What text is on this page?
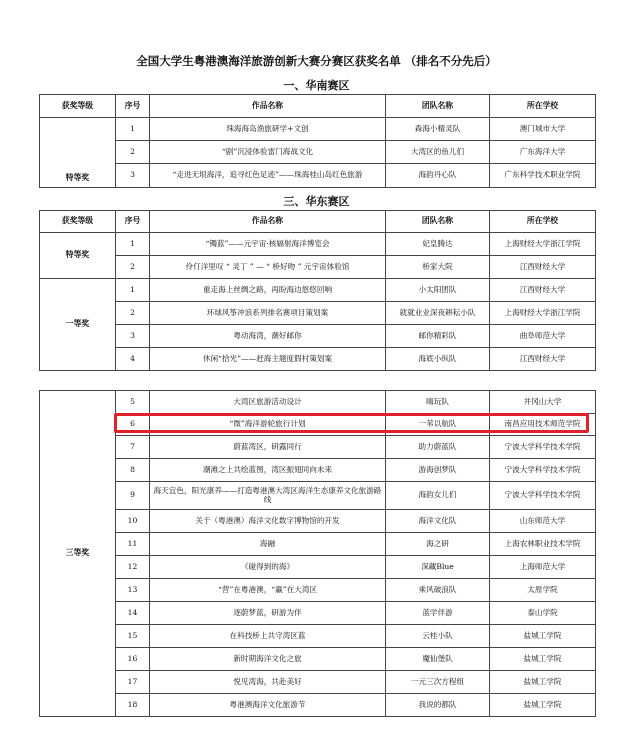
全国大学生粤港澳海洋旅游创新大赛分赛区获奖名单 （排名不分先后）
一、华南赛区
获奖等级	序号	作品名称	团队名称	所在学校
特等奖	1	珠海海岛渔旅研学+文创	森海小精灵队	澳门城市大学
	2	“剧”沉浸体验雷门海战文化	大湾区的鱼儿们	广东海洋大学
	3	“走进无垠海洋，追寻红色足迹”——珠海桂山岛红色旅游	海韵丹心队	广东科学技术职业学院
三、华东赛区
获奖等级	序号	作品名称	团队名称	所在学校
特等奖	1	“镯蓝”——元宇宙·核辐射海洋博览会	妃皇腾达	上海财经大学浙江学院
	2	伶仃洋里叹 “ 灵丁 ” — “ 桥好吻 ” 元宇宙体验馆	桥家大院	江西财经大学
一等奖	1	重走海上丝绸之路，再盼海边悠悠回响	小太阳团队	江西财经大学
	2	环球风筝冲浪系列排名赛项目策划案	就就业业深夜耕耘小队	上海财经大学浙江学院
	3	粤动海湾，潮好邮你	邮你精彩队	曲阜师范大学
	4	休闲“拾光”——赶海主题度假村策划案	海底小纵队	江西财经大学
三等奖	5	大湾区旅游活动设计	嗨玩队	井冈山大学
	6	“微”海洋游轮旅行计划	一苇以航队	南昌应用技术师范学院
	7	蔚蓝湾区，研露同行	助力蔚蓝队	宁波大学科学技术学院
	8	潮滩之上共绘蓝图，湾区振翅同向未来	游海创梦队	宁波大学科学技术学院
	9	海天宜色，阳光康养——打造粤港澳大湾区海洋生态康养文化旅游路线	海韵女儿们	宁波大学科学技术学院
	10	关于（粤港澳）海洋文化数字博物馆的开发	海洋文化队	山东师范大学
	11	海融	海之研	上海农林职业技术学院
	12	《碰得到的海》	深藏Blue	上海师范大学
	13	“营”在粤港澳，“赢”在大湾区	乘风破浪队	太原学院
	14	逐蔚梦蓝，研游为伴	蓝学伴游	泰山学院
	15	在科技桥上共守湾区蓝	云桂小队	盐城工学院
	16	新时期海洋文化之旅	魔仙堡队	盐城工学院
	17	悦见湾海，共赴美好	一元三次方程组	盐城工学院
	18	粤港澳海洋文化旅游节	我说的都队	盐城工学院
